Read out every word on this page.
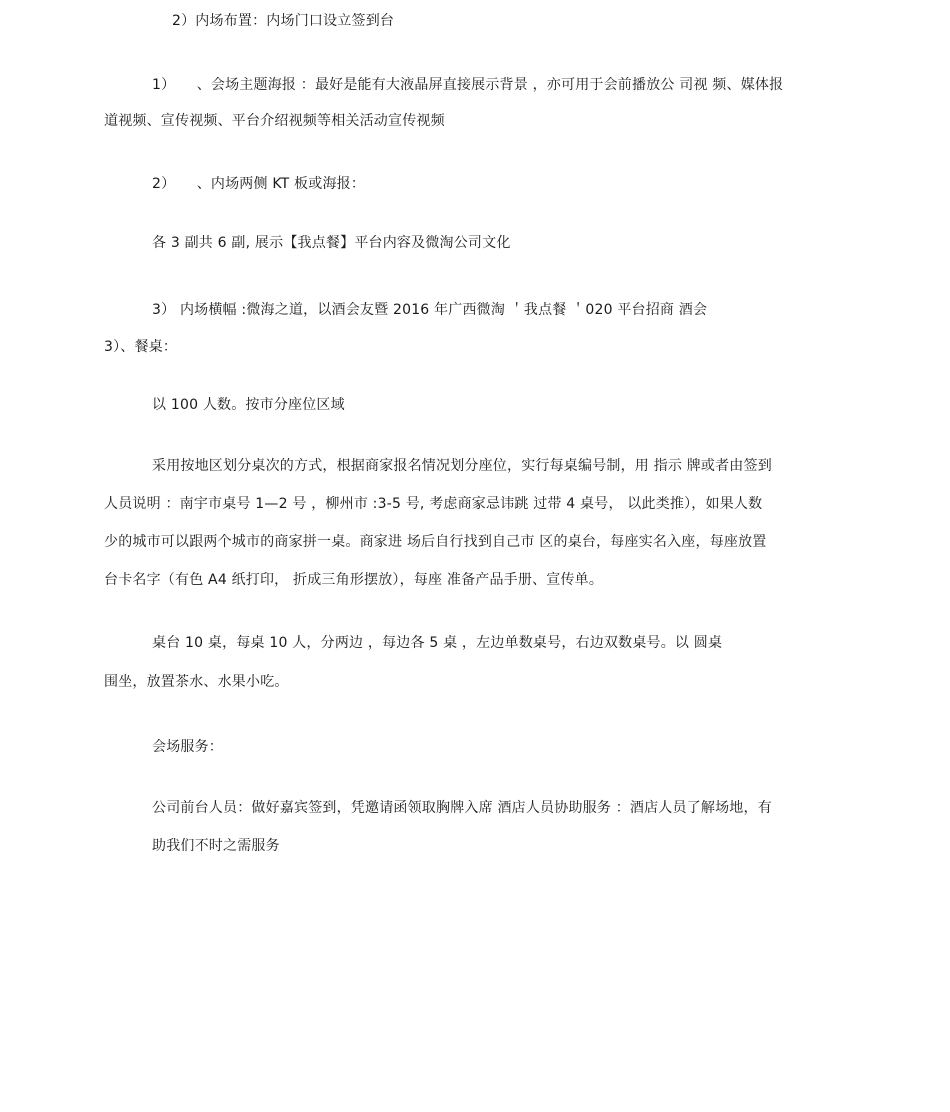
2）内场布置：内场门口设立签到台
1）　　、会场主题海报 ：最好是能有大液晶屏直接展示背景 ，亦可用于会前播放公 司视 频、媒体报
道视频、宣传视频、平台介绍视频等相关活动宣传视频
2）　　、内场两侧 KT 板或海报：
各 3 副共 6 副, 展示【我点餐】平台内容及微淘公司文化
3） 内场横幅 :微海之道，以酒会友暨 2016 年广西微淘 ＇我点餐 ＇020 平台招商 酒会
3）、餐桌：
以 100 人数。按市分座位区域
采用按地区划分桌次的方式，根据商家报名情况划分座位，实行每桌编号制，用 指示 牌或者由签到
人员说明 ：南宇市桌号 1—2 号 ，柳州市 :3-5 号, 考虑商家忌讳跳 过带 4 桌号， 以此类推），如果人数
少的城市可以跟两个城市的商家拼一桌。商家进 场后自行找到自己市 区的桌台，每座实名入座，每座放置
台卡名字（有色 A4 纸打印， 折成三角形摆放），每座 准备产品手册、宣传单。
桌台 10 桌，每桌 10 人，分两边 ，每边各 5 桌 ，左边单数桌号，右边双数桌号。以 圆桌
围坐，放置茶水、水果小吃。
会场服务：
公司前台人员：做好嘉宾签到，凭邀请函领取胸牌入席 酒店人员协助服务 ：酒店人员了解场地，有
助我们不时之需服务
